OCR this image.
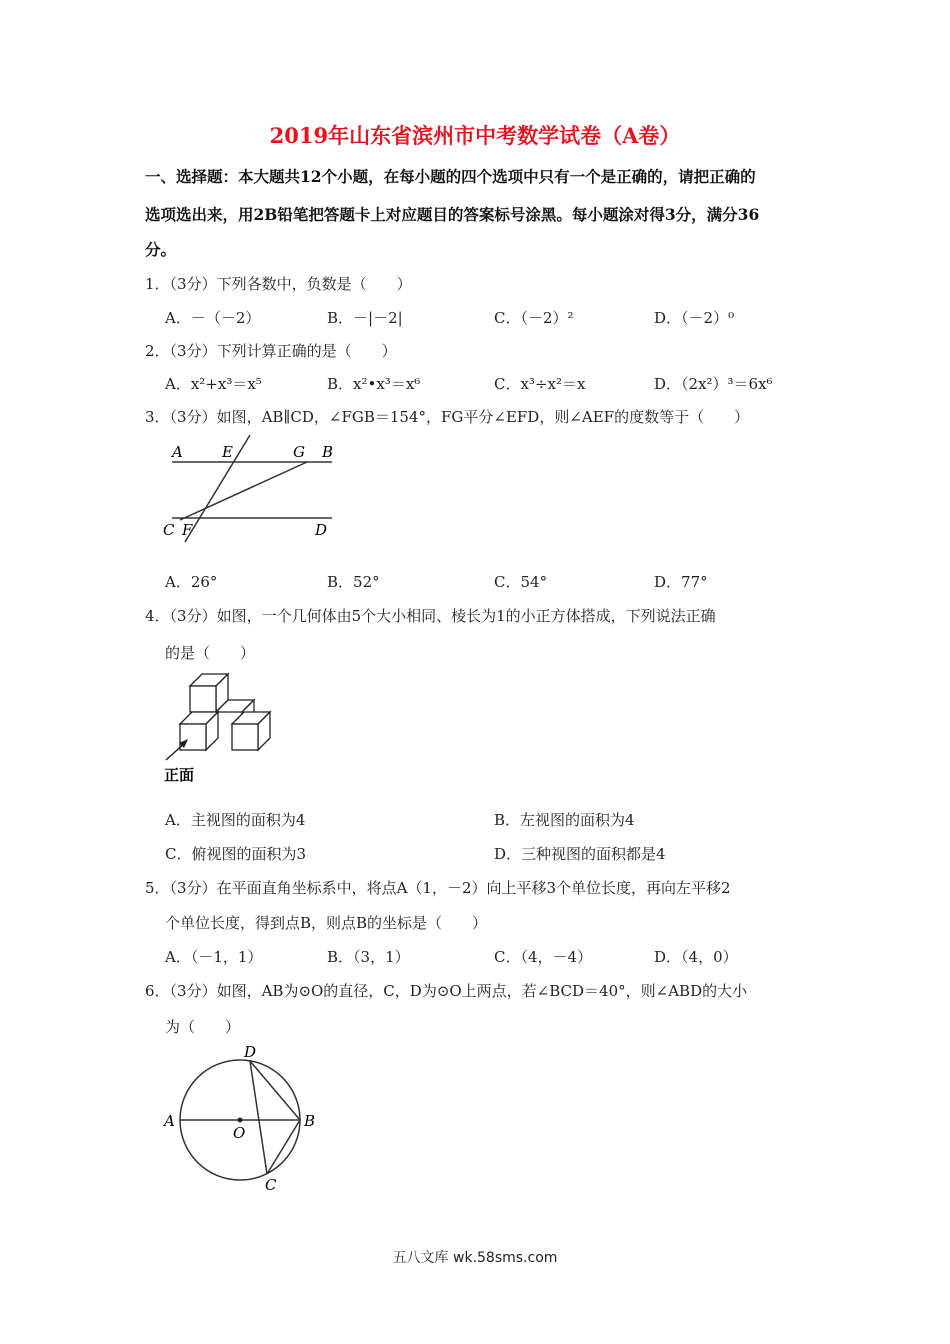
2019年山东省滨州市中考数学试卷（A卷）
一、选择题：本大题共12个小题，在每小题的四个选项中只有一个是正确的，请把正确的
选项选出来，用2B铅笔把答题卡上对应题目的答案标号涂黑。每小题涂对得3分，满分36
分。
1．（3分）下列各数中，负数是（　　）
A．－（－2）	B．－|－2|	C．（－2）²	D．（－2）⁰
2．（3分）下列计算正确的是（　　）
A．x²+x³＝x⁵	B．x²•x³＝x⁶	C．x³÷x²＝x	D．（2x²）³＝6x⁶
3．（3分）如图，AB∥CD，∠FGB＝154°，FG平分∠EFD，则∠AEF的度数等于（　　）
A	E	G B
C F	D
A．26°	B．52°	C．54°	D．77°
4．（3分）如图，一个几何体由5个大小相同、棱长为1的小正方体搭成，下列说法正确
的是（　　）
正面
A．主视图的面积为4	B．左视图的面积为4
C．俯视图的面积为3	D．三种视图的面积都是4
5．（3分）在平面直角坐标系中，将点A（1，－2）向上平移3个单位长度，再向左平移2
个单位长度，得到点B，则点B的坐标是（　　）
A．（－1，1）	B．（3，1）	C．（4，－4）	D．（4，0）
6．（3分）如图，AB为⊙O的直径，C，D为⊙O上两点，若∠BCD＝40°，则∠ABD的大小
为（　　）
D
A
O
B
C
五八文库 wk.58sms.com
